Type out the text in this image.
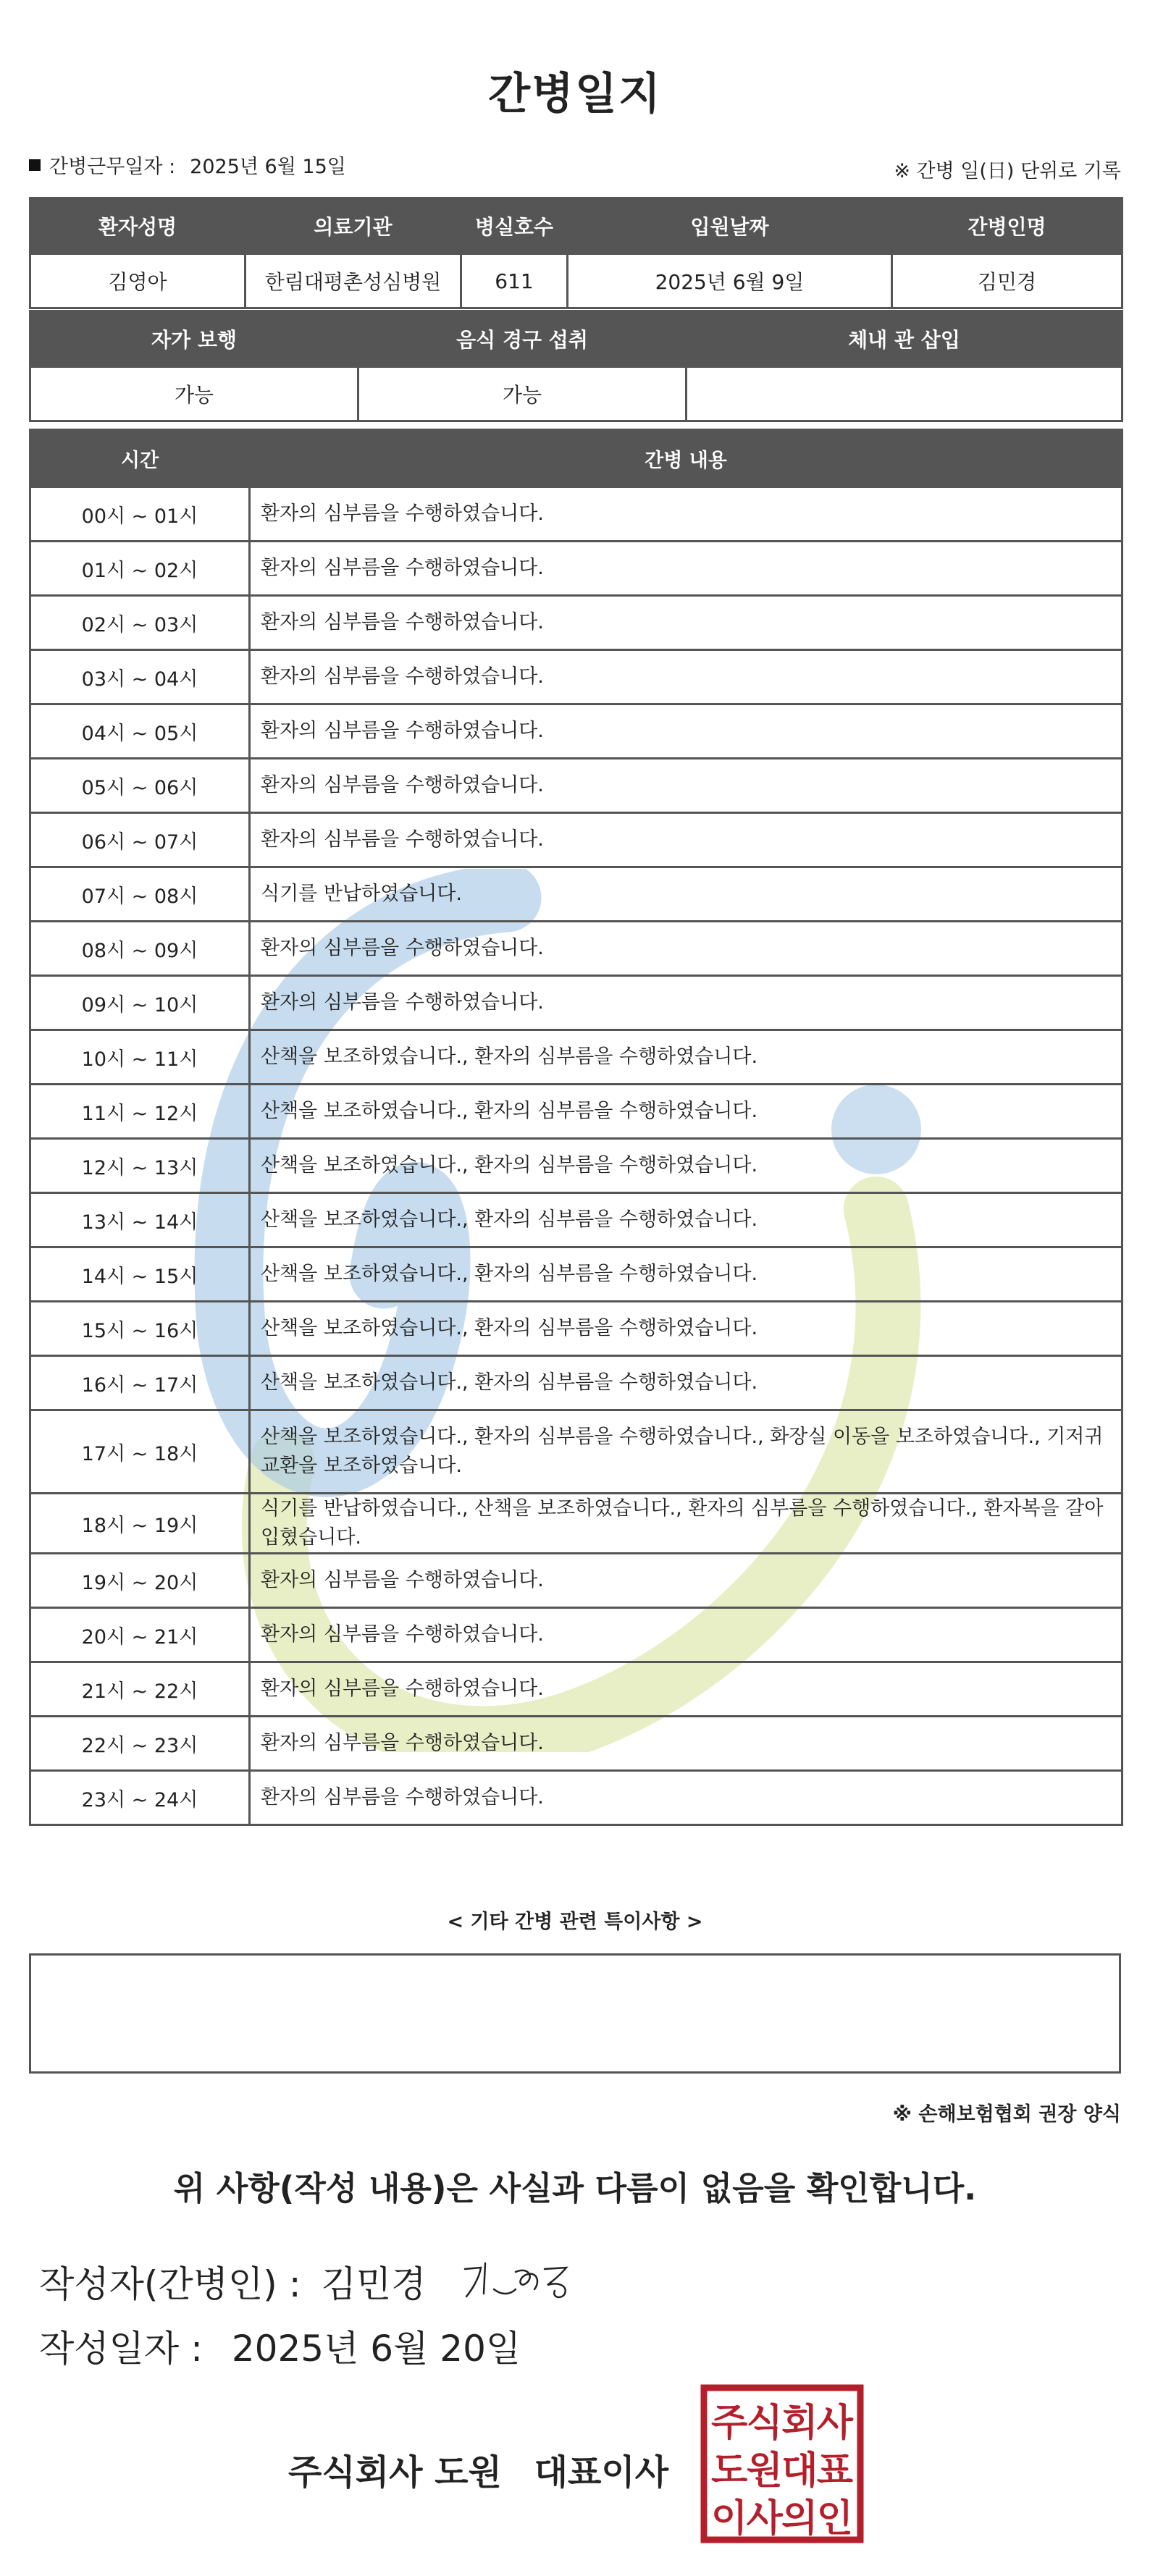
간병일지
간병근무일자 : 2025년 6월 15일	※ 간병 일(日) 단위로 기록
환자성명	의료기관	병실호수	입원날짜	간병인명
김영아	한림대평촌성심병원	611	2025년 6월 9일	김민경
자가 보행	음식 경구 섭취	체내 관 삽입
가능	가능	
시간	간병 내용
00시 ~ 01시	환자의 심부름을 수행하였습니다.
01시 ~ 02시	환자의 심부름을 수행하였습니다.
02시 ~ 03시	환자의 심부름을 수행하였습니다.
03시 ~ 04시	환자의 심부름을 수행하였습니다.
04시 ~ 05시	환자의 심부름을 수행하였습니다.
05시 ~ 06시	환자의 심부름을 수행하였습니다.
06시 ~ 07시	환자의 심부름을 수행하였습니다.
07시 ~ 08시	식기를 반납하였습니다.
08시 ~ 09시	환자의 심부름을 수행하였습니다.
09시 ~ 10시	환자의 심부름을 수행하였습니다.
10시 ~ 11시	산책을 보조하였습니다., 환자의 심부름을 수행하였습니다.
11시 ~ 12시	산책을 보조하였습니다., 환자의 심부름을 수행하였습니다.
12시 ~ 13시	산책을 보조하였습니다., 환자의 심부름을 수행하였습니다.
13시 ~ 14시	산책을 보조하였습니다., 환자의 심부름을 수행하였습니다.
14시 ~ 15시	산책을 보조하였습니다., 환자의 심부름을 수행하였습니다.
15시 ~ 16시	산책을 보조하였습니다., 환자의 심부름을 수행하였습니다.
16시 ~ 17시	산책을 보조하였습니다., 환자의 심부름을 수행하였습니다.
17시 ~ 18시	산책을 보조하였습니다., 환자의 심부름을 수행하였습니다., 화장실 이동을 보조하였습니다., 기저귀 교환을 보조하였습니다.
18시 ~ 19시	식기를 반납하였습니다., 산책을 보조하였습니다., 환자의 심부름을 수행하였습니다., 환자복을 갈아입혔습니다.
19시 ~ 20시	환자의 심부름을 수행하였습니다.
20시 ~ 21시	환자의 심부름을 수행하였습니다.
21시 ~ 22시	환자의 심부름을 수행하였습니다.
22시 ~ 23시	환자의 심부름을 수행하였습니다.
23시 ~ 24시	환자의 심부름을 수행하였습니다.
< 기타 간병 관련 특이사항 >
※ 손해보험협회 권장 양식
위 사항(작성 내용)은 사실과 다름이 없음을 확인합니다.
작성자(간병인) : 김민경
작성일자 : 2025년 6월 20일
주식회사 도원 대표이사
주식회사
도원대표
이사의인
